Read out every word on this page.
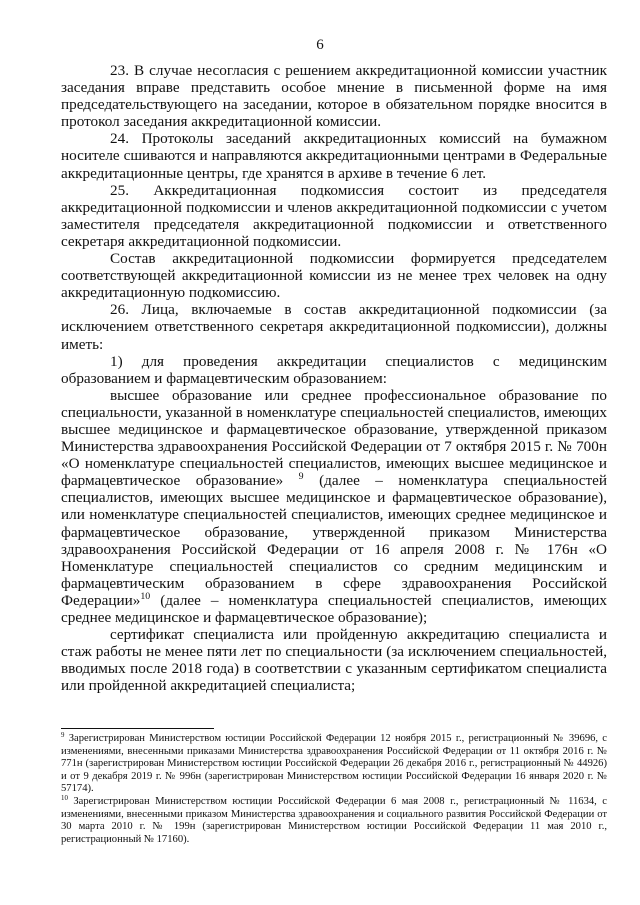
6

23. В случае несогласия с решением аккредитационной комиссии участник заседания вправе представить особое мнение в письменной форме на имя председательствующего на заседании, которое в обязательном порядке вносится в протокол заседания аккредитационной комиссии.

24. Протоколы заседаний аккредитационных комиссий на бумажном носителе сшиваются и направляются аккредитационными центрами в Федеральные аккредитационные центры, где хранятся в архиве в течение 6 лет.

25. Аккредитационная подкомиссия состоит из председателя аккредитационной подкомиссии и членов аккредитационной подкомиссии с учетом заместителя председателя аккредитационной подкомиссии и ответственного секретаря аккредитационной подкомиссии.

Состав аккредитационной подкомиссии формируется председателем соответствующей аккредитационной комиссии из не менее трех человек на одну аккредитационную подкомиссию.

26. Лица, включаемые в состав аккредитационной подкомиссии (за исключением ответственного секретаря аккредитационной подкомиссии), должны иметь:

1) для проведения аккредитации специалистов с медицинским образованием и фармацевтическим образованием:

высшее образование или среднее профессиональное образование по специальности, указанной в номенклатуре специальностей специалистов, имеющих высшее медицинское и фармацевтическое образование, утвержденной приказом Министерства здравоохранения Российской Федерации от 7 октября 2015 г. № 700н «О номенклатуре специальностей специалистов, имеющих высшее медицинское и фармацевтическое образование» $^9$ (далее – номенклатура специальностей специалистов, имеющих высшее медицинское и фармацевтическое образование), или номенклатуре специальностей специалистов, имеющих среднее медицинское и фармацевтическое образование, утвержденной приказом Министерства здравоохранения Российской Федерации от 16 апреля 2008 г. № 176н «О Номенклатуре специальностей специалистов со средним медицинским и фармацевтическим образованием в сфере здравоохранения Российской Федерации»$^{10}$ (далее – номенклатура специальностей специалистов, имеющих среднее медицинское и фармацевтическое образование);

сертификат специалиста или пройденную аккредитацию специалиста и стаж работы не менее пяти лет по специальности (за исключением специальностей, вводимых после 2018 года) в соответствии с указанным сертификатом специалиста или пройденной аккредитацией специалиста;

$^9$ Зарегистрирован Министерством юстиции Российской Федерации 12 ноября 2015 г., регистрационный № 39696, с изменениями, внесенными приказами Министерства здравоохранения Российской Федерации от 11 октября 2016 г. № 771н (зарегистрирован Министерством юстиции Российской Федерации 26 декабря 2016 г., регистрационный № 44926) и от 9 декабря 2019 г. № 996н (зарегистрирован Министерством юстиции Российской Федерации 16 января 2020 г. № 57174).

$^{10}$ Зарегистрирован Министерством юстиции Российской Федерации 6 мая 2008 г., регистрационный № 11634, с изменениями, внесенными приказом Министерства здравоохранения и социального развития Российской Федерации от 30 марта 2010 г. № 199н (зарегистрирован Министерством юстиции Российской Федерации 11 мая 2010 г., регистрационный № 17160).
